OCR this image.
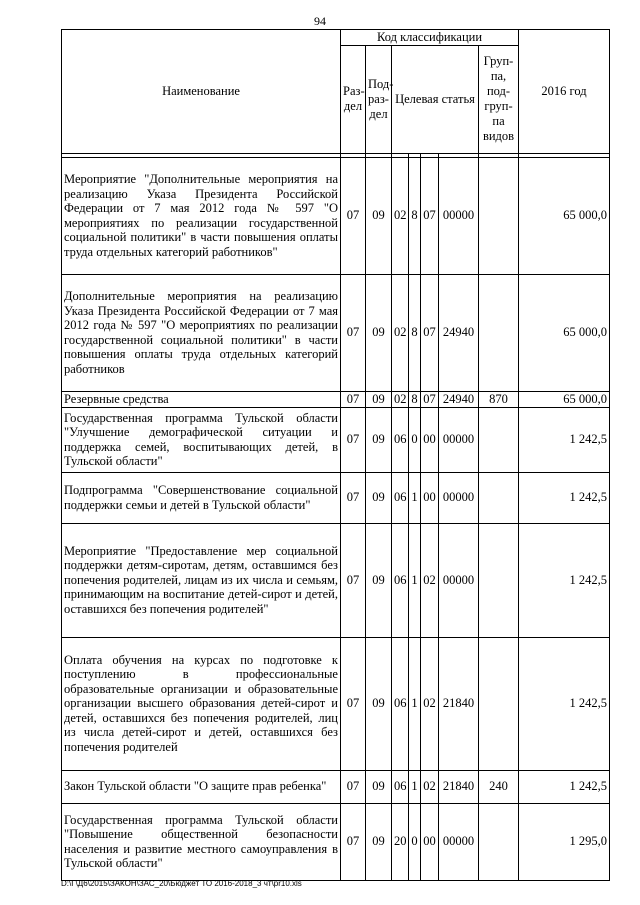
94
Наименование	Код классификации							2016 год
	Раз-дел	Под-раз-дел	Целевая статья				Груп-па, под-груп-па видов	

Мероприятие "Дополнительные мероприятия на реализацию Указа Президента Российской Федерации от 7 мая 2012 года № 597 "О мероприятиях по реализации государственной социальной политики" в части повышения оплаты труда отдельных категорий работников"	07	09	02	8	07	00000		65 000,0
Дополнительные мероприятия на реализацию Указа Президента Российской Федерации от 7 мая 2012 года № 597 "О мероприятиях по реализации государственной социальной политики" в части повышения оплаты труда отдельных категорий работников	07	09	02	8	07	24940		65 000,0
Резервные средства	07	09	02	8	07	24940	870	65 000,0
Государственная программа Тульской области "Улучшение демографической ситуации и поддержка семей, воспитывающих детей, в Тульской области"	07	09	06	0	00	00000		1 242,5
Подпрограмма "Совершенствование социальной поддержки семьи и детей в Тульской области"	07	09	06	1	00	00000		1 242,5
Мероприятие "Предоставление мер социальной поддержки детям-сиротам, детям, оставшимся без попечения родителей, лицам из их числа и семьям, принимающим на воспитание детей-сирот и детей, оставшихся без попечения родителей"	07	09	06	1	02	00000		1 242,5
Оплата обучения на курсах по подготовке к поступлению в профессиональные образовательные организации и образовательные организации высшего образования детей-сирот и детей, оставшихся без попечения родителей, лиц из числа детей-сирот и детей, оставшихся без попечения родителей	07	09	06	1	02	21840		1 242,5
Закон Тульской области "О защите прав ребенка"	07	09	06	1	02	21840	240	1 242,5
Государственная программа Тульской области "Повышение общественной безопасности населения и развитие местного самоуправления в Тульской области"	07	09	20	0	00	00000		1 295,0
D:\Г\Д6\2015\ЗАКОН\ЗАС_20\Бюджет ТО 2016-2018_3 чт\pr10.xls
